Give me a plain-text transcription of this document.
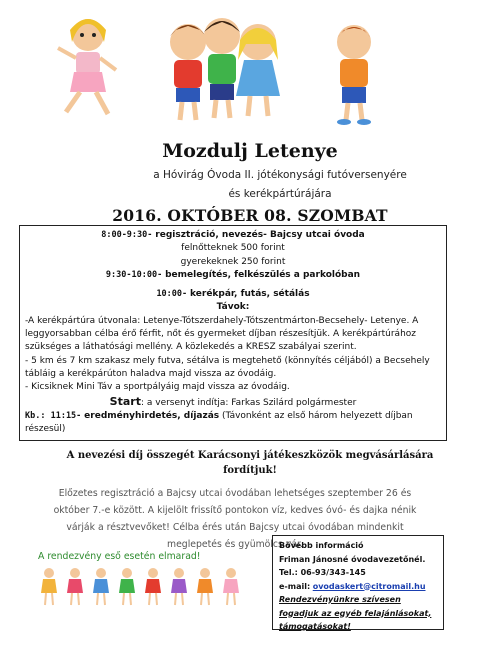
Mozdulj Letenye
a Hóvirág Óvoda II. jótékonysági futóversenyére és kerékpártúrájára
2016. OKTÓBER 08. SZOMBAT

8:00-9:30- regisztráció, nevezés- Bajcsy utcai óvoda

felnőtteknek 500 forint

gyerekeknek 250 forint

9:30-10:00- bemelegítés, felkészülés a parkolóban

10:00- kerékpár, futás, sétálás

Távok:

-A kerékpártúra útvonala: Letenye-Tótszerdahely-Tótszentmárton-Becsehely- Letenye. A leggyorsabban célba érő férfit, nőt és gyermeket díjban részesítjük. A kerékpártúrához szükséges a láthatósági mellény. A közlekedés a KRESZ szabályai szerint.

- 5 km és 7 km szakasz mely futva, sétálva is megtehető (könnyítés céljából) a Becsehely tábláig a kerékpárúton haladva majd vissza az óvodáig.

- Kicsiknek Mini Táv a sportpályáig majd vissza az óvodáig.

Start: a versenyt indítja: Farkas Szilárd polgármester

Kb.: 11:15- eredményhirdetés, díjazás (Távonként az első három helyezett díjban részesül)

A nevezési díj összegét Karácsonyi játékeszközök megvásárlására fordítjuk!
Előzetes regisztráció a Bajcsy utcai óvodában lehetséges szeptember 26 és október 7.-e között. A kijelölt frissítő pontokon víz, kedves óvó- és dajka nénik várják a résztvevőket! Célba érés után Bajcsy utcai óvodában mindenkit meglepetés és gyümölcs vár.
A rendezvény eső esetén elmarad!

Bővebb információ

Friman Jánosné óvodavezetőnél.

Tel.: 06-93/343-145

e-mail: ovodaskert@citromail.hu

Rendezvényünkre szívesen fogadjuk az egyéb felajánlásokat, támogatásokat!
